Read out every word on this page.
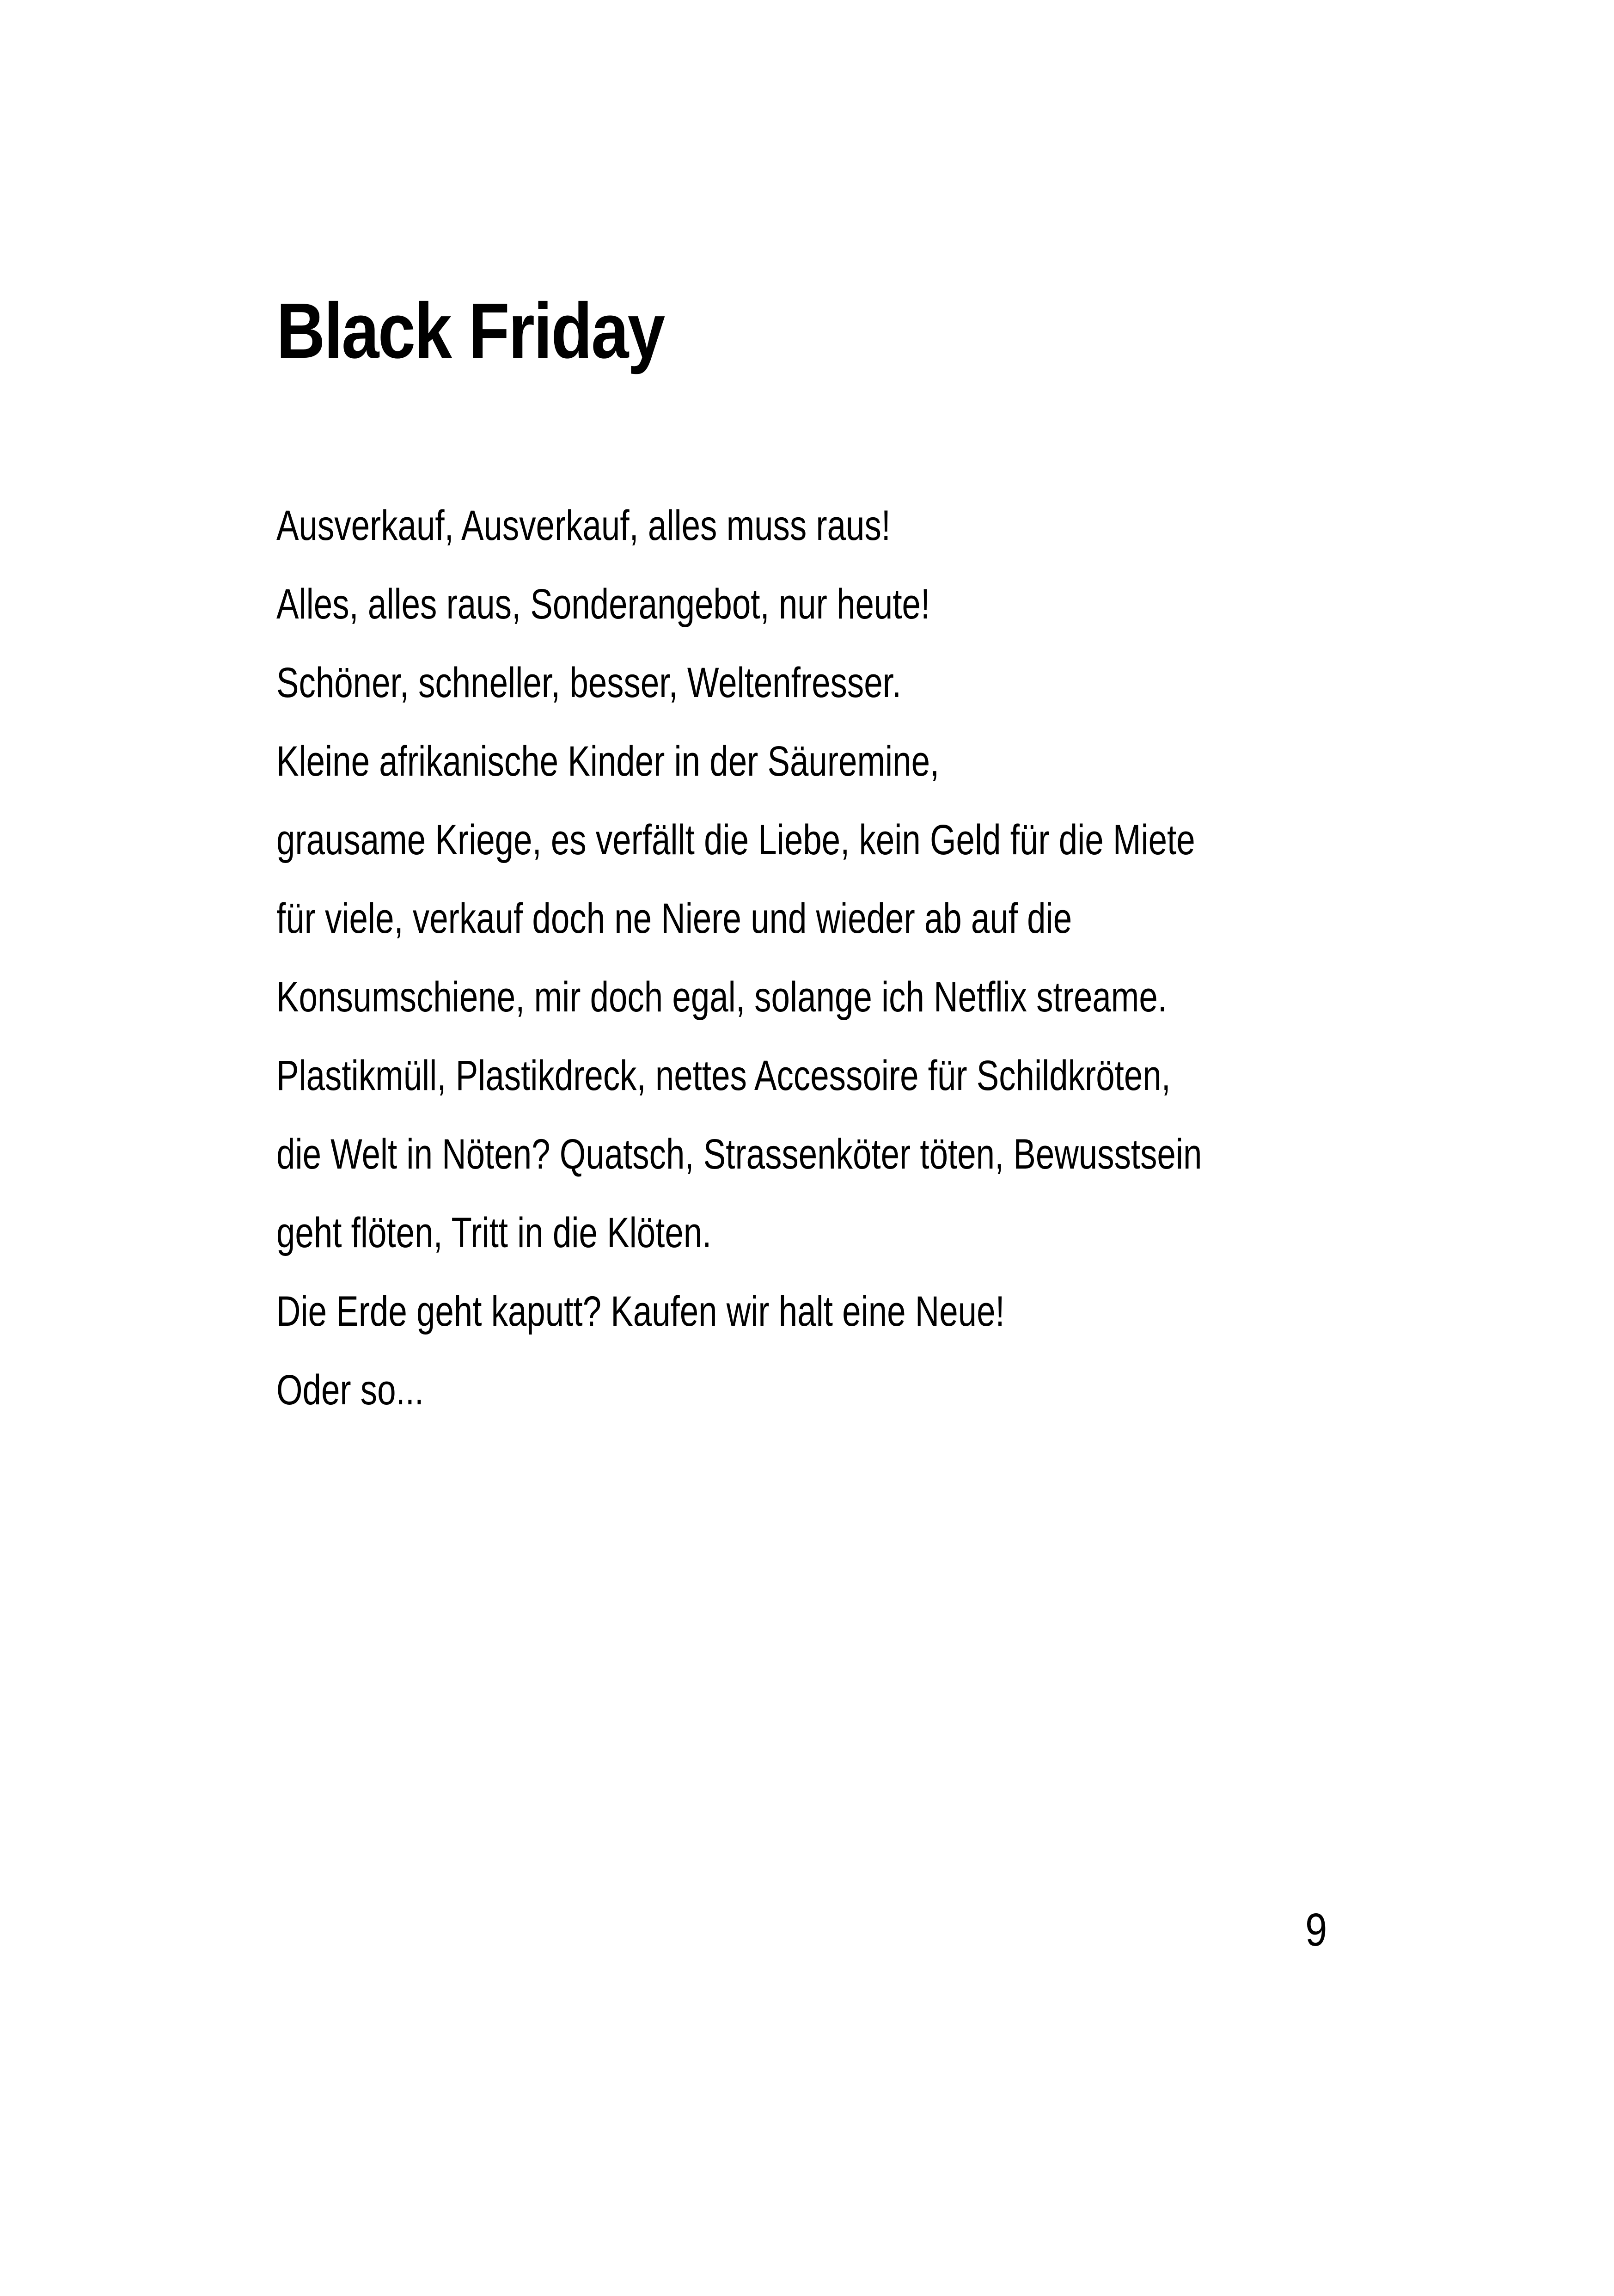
Black Friday
Ausverkauf, Ausverkauf, alles muss raus!
Alles, alles raus, Sonderangebot, nur heute!
Schöner, schneller, besser, Weltenfresser.
Kleine afrikanische Kinder in der Säuremine,
grausame Kriege, es verfällt die Liebe, kein Geld für die Miete
für viele, verkauf doch ne Niere und wieder ab auf die
Konsumschiene, mir doch egal, solange ich Netflix streame.
Plastikmüll, Plastikdreck, nettes Accessoire für Schildkröten,
die Welt in Nöten? Quatsch, Strassenköter töten, Bewusstsein
geht flöten, Tritt in die Klöten.
Die Erde geht kaputt? Kaufen wir halt eine Neue!
Oder so...
9
